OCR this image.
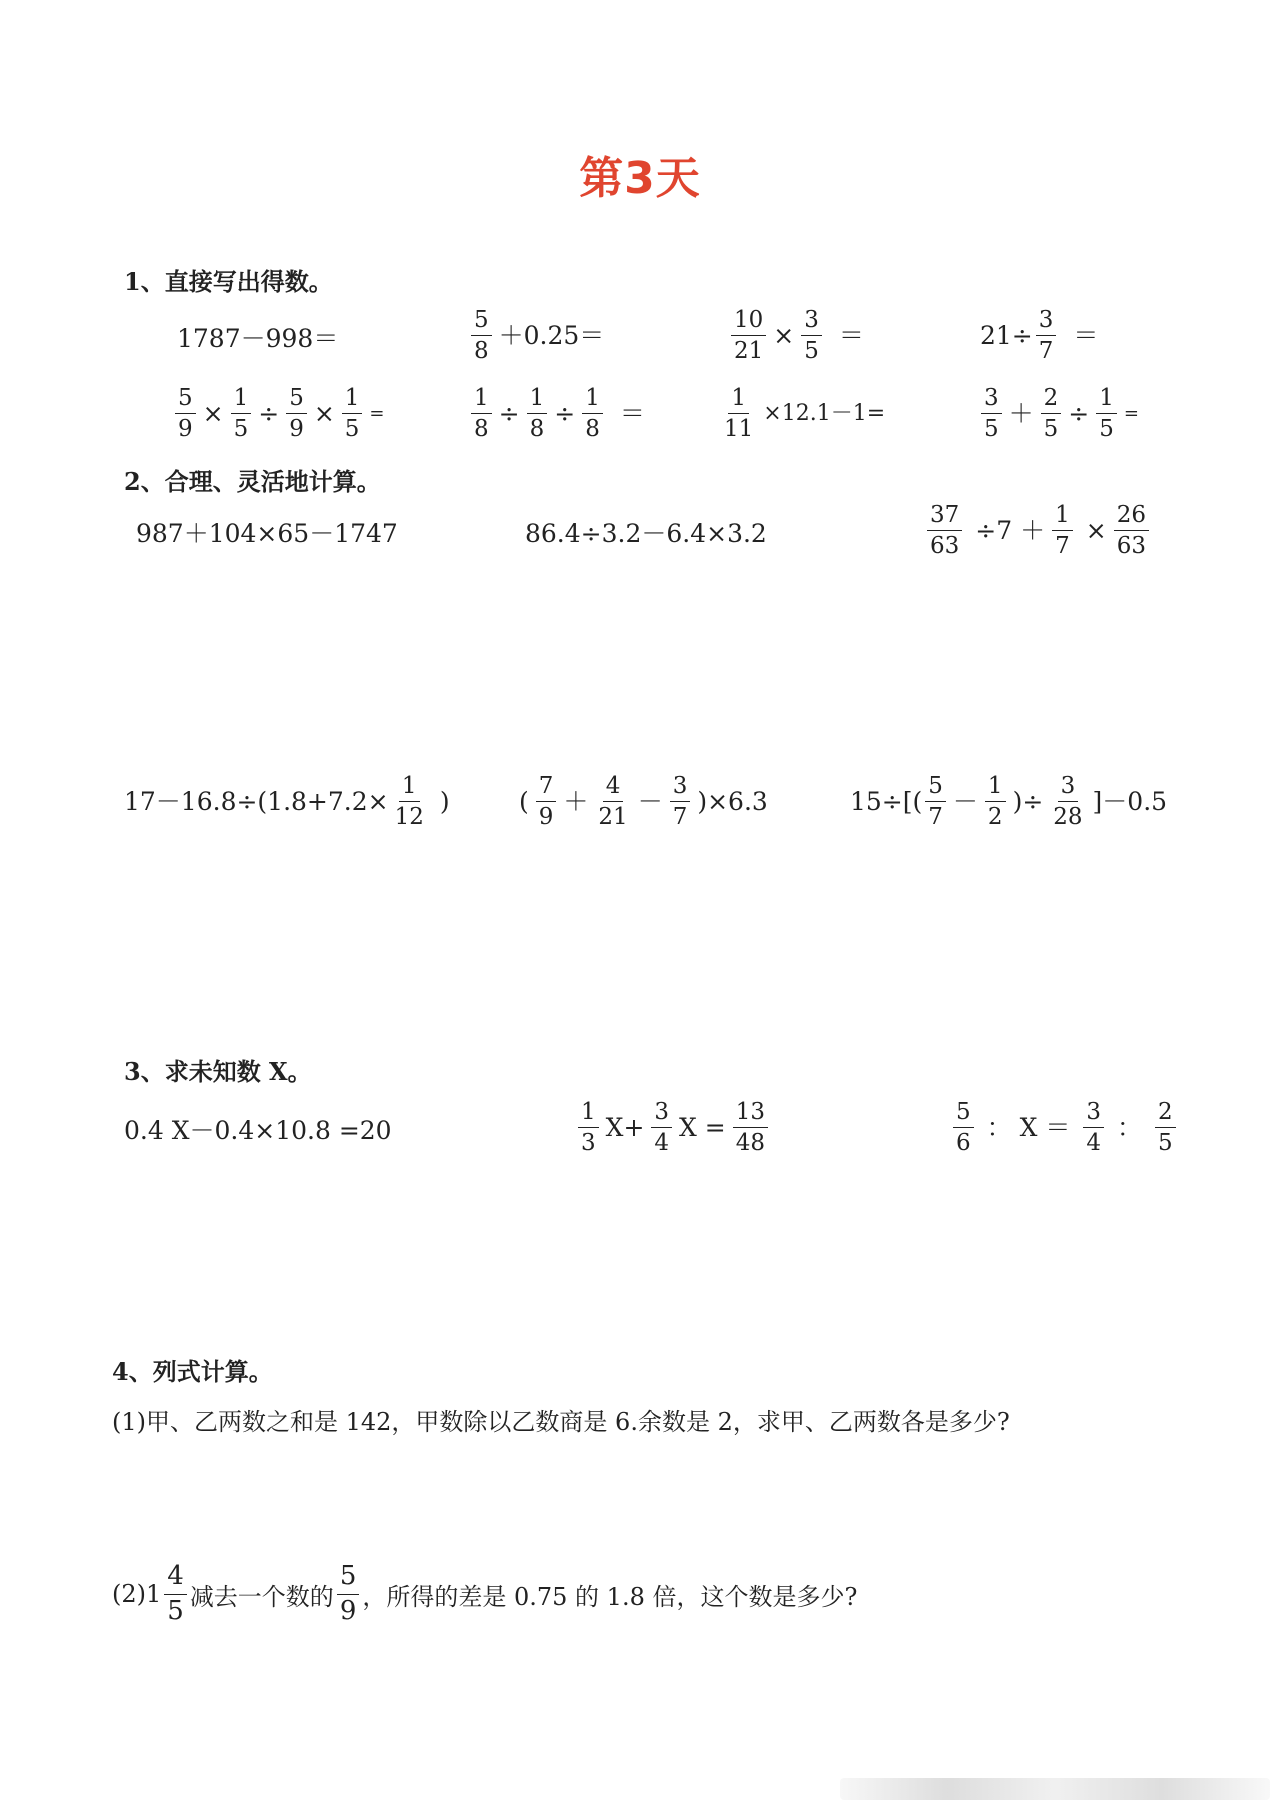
第3天
1、直接写出得数。
1787－998＝	$\frac{5}{8} +0.25=$	$\frac{10}{21} \times \frac{3}{5}$ ＝	$21\div \frac{3}{7}$ ＝
$\frac{5}{9} \times \frac{1}{5} \div \frac{5}{9} \times \frac{1}{5}$ =	$\frac{1}{8} \div \frac{1}{8} \div \frac{1}{8}$ ＝	$\frac{1}{11} \times 12.1-1=$	$\frac{3}{5} + \frac{2}{5} \div \frac{1}{5}$ =
2、合理、灵活地计算。
987＋104×65－1747	86.4÷3.2－6.4×3.2	$\frac{37}{63} \div 7 + \frac{1}{7} \times \frac{26}{63}$
$17-16.8\div(1.8+7.2\times \frac{1}{12}$ )	( $\frac{7}{9} + \frac{4}{21} - \frac{3}{7} )\times 6.3$	$15\div[( \frac{5}{7} - \frac{1}{2}$ )÷ $\frac{3}{28} ]-0.5$
3、求未知数 X。
0.4 X－0.4×10.8 =20	$\frac{1}{3} X+ \frac{3}{4}$ $X = \frac{13}{48}$	$\frac{5}{6}$ ： $X = \frac{3}{4}$ ： $\frac{2}{5}$
4、列式计算。
(1)甲、乙两数之和是 142，甲数除以乙数商是 6.余数是 2，求甲、乙两数各是多少?
$(2)1 \frac{4}{5}$ 减去一个数的 $\frac{5}{9}$ ，所得的差是 0.75 的 1.8 倍，这个数是多少?
